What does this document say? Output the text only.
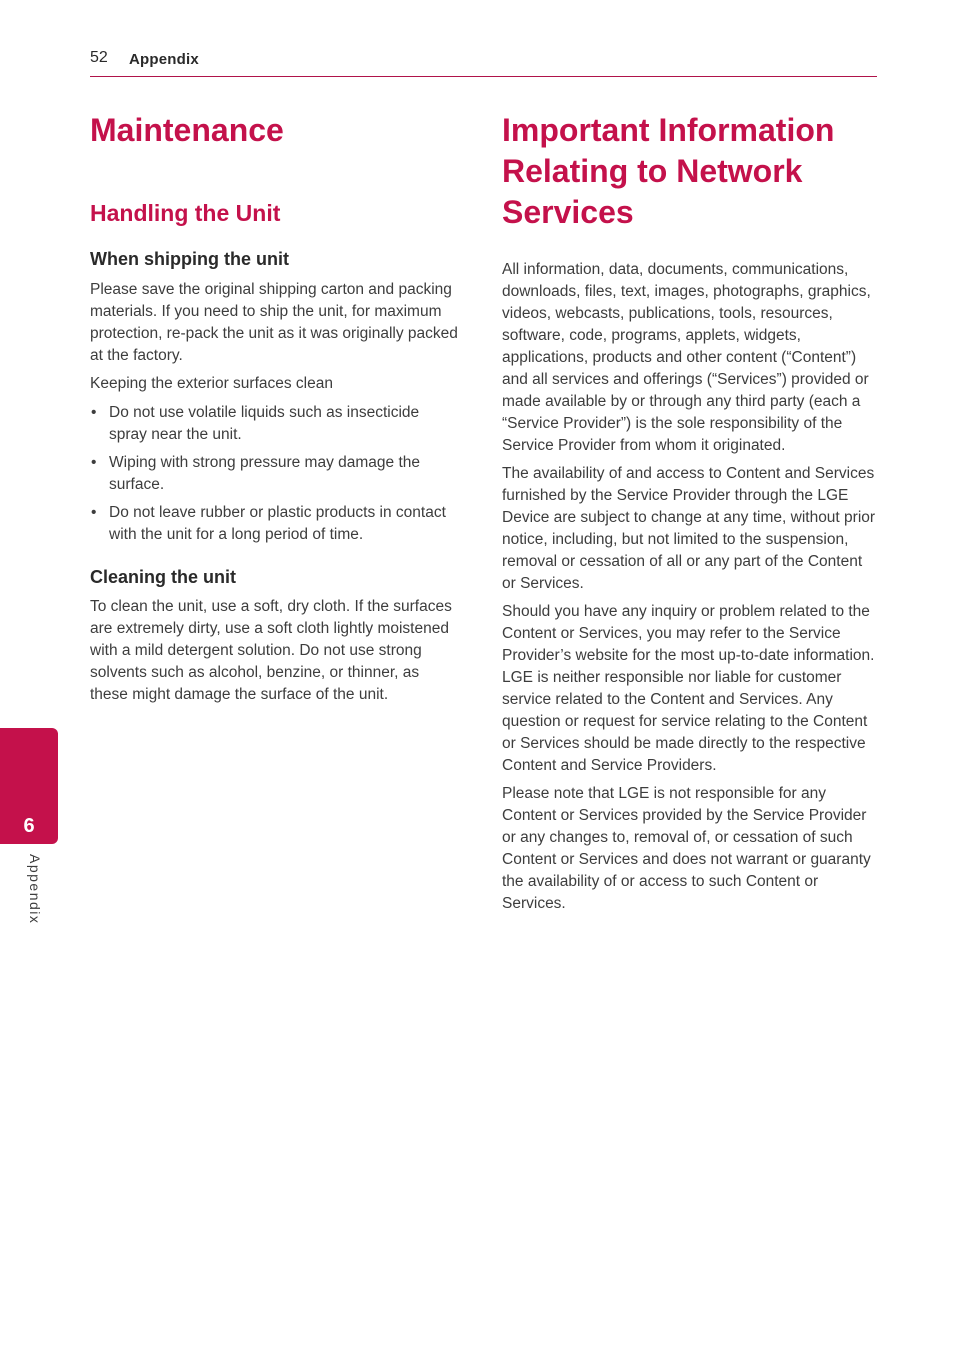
52 Appendix
Maintenance
Handling the Unit
When shipping the unit

Please save the original shipping carton and packing materials. If you need to ship the unit, for maximum protection, re-pack the unit as it was originally packed at the factory.

Keeping the exterior surfaces clean

• Do not use volatile liquids such as insecticide spray near the unit.
• Wiping with strong pressure may damage the surface.
• Do not leave rubber or plastic products in contact with the unit for a long period of time.
Cleaning the unit

To clean the unit, use a soft, dry cloth. If the surfaces are extremely dirty, use a soft cloth lightly moistened with a mild detergent solution. Do not use strong solvents such as alcohol, benzine, or thinner, as these might damage the surface of the unit.

Important Information Relating to Network Services

All information, data, documents, communications, downloads, files, text, images, photographs, graphics, videos, webcasts, publications, tools, resources, software, code, programs, applets, widgets, applications, products and other content (“Content”) and all services and offerings (“Services”) provided or made available by or through any third party (each a “Service Provider”) is the sole responsibility of the Service Provider from whom it originated.

The availability of and access to Content and Services furnished by the Service Provider through the LGE Device are subject to change at any time, without prior notice, including, but not limited to the suspension, removal or cessation of all or any part of the Content or Services.

Should you have any inquiry or problem related to the Content or Services, you may refer to the Service Provider’s website for the most up-to-date information. LGE is neither responsible nor liable for customer service related to the Content and Services. Any question or request for service relating to the Content or Services should be made directly to the respective Content and Service Providers.

Please note that LGE is not responsible for any Content or Services provided by the Service Provider or any changes to, removal of, or cessation of such Content or Services and does not warrant or guaranty the availability of or access to such Content or Services.

6
Appendix
